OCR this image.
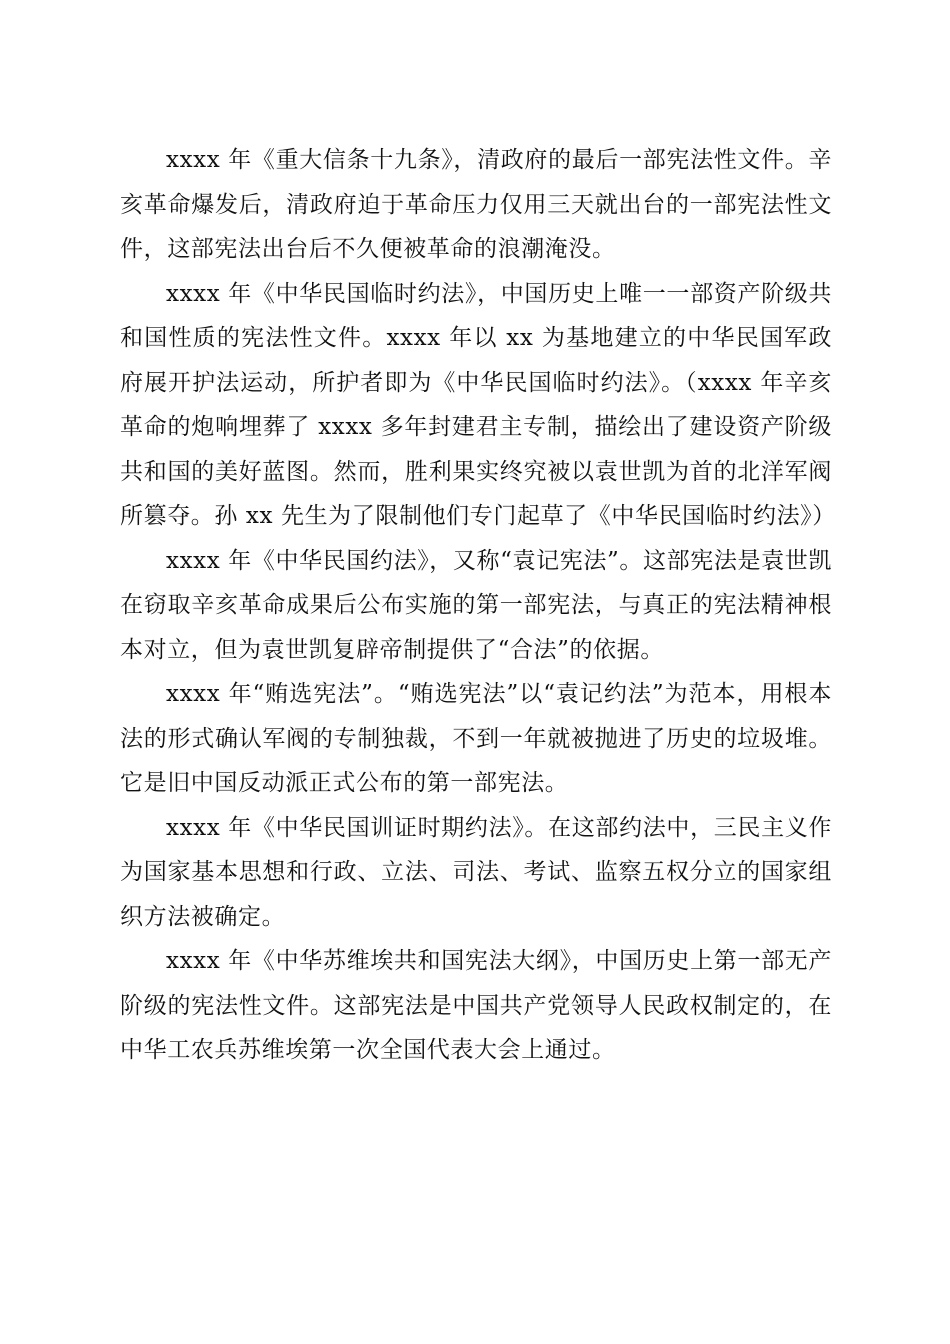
xxxx 年《重大信条十九条》，清政府的最后一部宪法性文件。辛亥革命爆发后，清政府迫于革命压力仅用三天就出台的一部宪法性文件，这部宪法出台后不久便被革命的浪潮淹没。

xxxx 年《中华民国临时约法》，中国历史上唯一一部资产阶级共和国性质的宪法性文件。xxxx 年以 xx 为基地建立的中华民国军政府展开护法运动，所护者即为《中华民国临时约法》。（xxxx 年辛亥革命的炮响埋葬了 xxxx 多年封建君主专制，描绘出了建设资产阶级共和国的美好蓝图。然而，胜利果实终究被以袁世凯为首的北洋军阀所篡夺。孙 xx 先生为了限制他们专门起草了《中华民国临时约法》）

xxxx 年《中华民国约法》，又称“袁记宪法”。这部宪法是袁世凯在窃取辛亥革命成果后公布实施的第一部宪法，与真正的宪法精神根本对立，但为袁世凯复辟帝制提供了“合法”的依据。

xxxx 年“贿选宪法”。“贿选宪法”以“袁记约法”为范本，用根本法的形式确认军阀的专制独裁，不到一年就被抛进了历史的垃圾堆。它是旧中国反动派正式公布的第一部宪法。

xxxx 年《中华民国训证时期约法》。在这部约法中，三民主义作为国家基本思想和行政、立法、司法、考试、监察五权分立的国家组织方法被确定。

xxxx 年《中华苏维埃共和国宪法大纲》，中国历史上第一部无产阶级的宪法性文件。这部宪法是中国共产党领导人民政权制定的，在中华工农兵苏维埃第一次全国代表大会上通过。
